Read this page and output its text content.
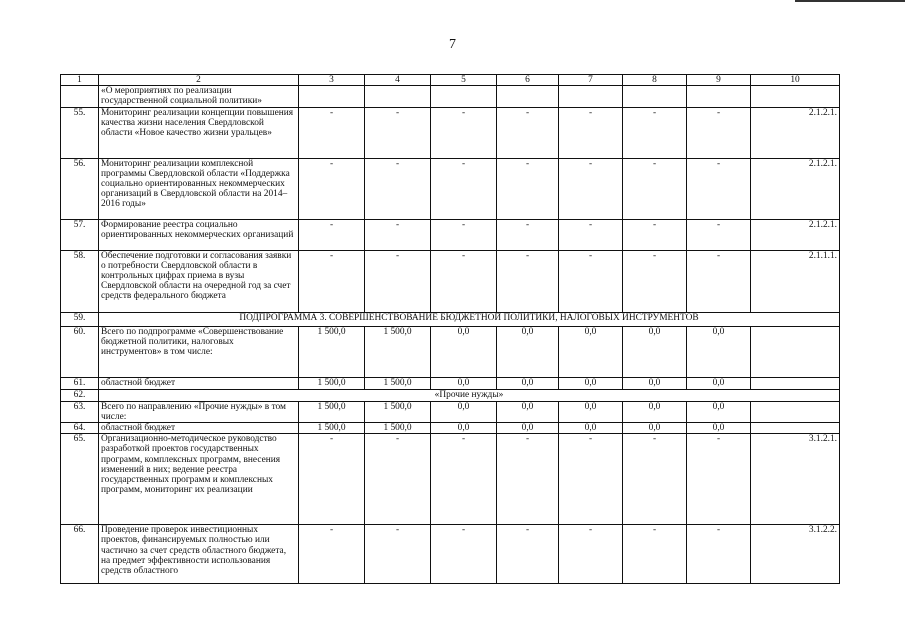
7
1	2	3	4	5	6	7	8	9	10
	«О мероприятиях по реализации государственной социальной политики»								
55.	Мониторинг реализации концепции повышения качества жизни населения Свердловской области «Новое качество жизни уральцев»	-	-	-	-	-	-	-	2.1.2.1.
56.	Мониторинг реализации комплексной программы Свердловской области «Поддержка социально ориентированных некоммерческих организаций в Свердловской области на 2014–2016 годы»	-	-	-	-	-	-	-	2.1.2.1.
57.	Формирование реестра социально ориентированных некоммерческих организаций	-	-	-	-	-	-	-	2.1.2.1.
58.	Обеспечение подготовки и согласования заявки о потребности Свердловской области в контрольных цифрах приема в вузы Свердловской области на очередной год за счет средств федерального бюджета	-	-	-	-	-	-	-	2.1.1.1.
59.	ПОДПРОГРАММА 3. СОВЕРШЕНСТВОВАНИЕ БЮДЖЕТНОЙ ПОЛИТИКИ, НАЛОГОВЫХ ИНСТРУМЕНТОВ								
60.	Всего по подпрограмме «Совершенствование бюджетной политики, налоговых инструментов» в том числе:	1 500,0	1 500,0	0,0	0,0	0,0	0,0	0,0	
61.	областной бюджет	1 500,0	1 500,0	0,0	0,0	0,0	0,0	0,0	
62.	«Прочие нужды»								
63.	Всего по направлению «Прочие нужды» в том числе:	1 500,0	1 500,0	0,0	0,0	0,0	0,0	0,0	
64.	областной бюджет	1 500,0	1 500,0	0,0	0,0	0,0	0,0	0,0	
65.	Организационно-методическое руководство разработкой проектов государственных программ, комплексных программ, внесения изменений в них; ведение реестра государственных программ и комплексных программ, мониторинг их реализации	-	-	-	-	-	-	-	3.1.2.1.
66.	Проведение проверок инвестиционных проектов, финансируемых полностью или частично за счет средств областного бюджета, на предмет эффективности использования средств областного	-	-	-	-	-	-	-	3.1.2.2.
